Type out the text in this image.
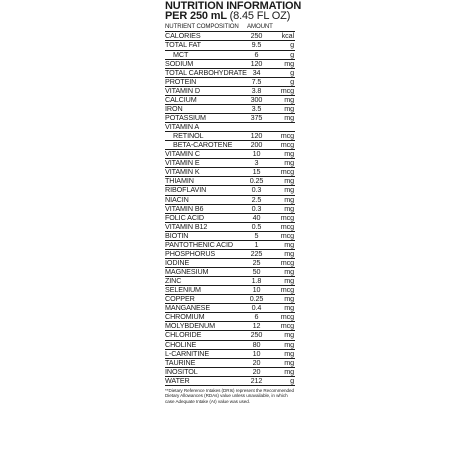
NUTRITION INFORMATION
PER 250 mL (8.45 FL OZ)
NUTRIENT COMPOSITION	AMOUNT
CALORIES	250	kcal
TOTAL FAT	9.5	g
MCT	6	g
SODIUM	120	mg
TOTAL CARBOHYDRATE 34	g
PROTEIN	7.5	g
VITAMIN D	3.8	mcg
CALCIUM	300	mg
IRON	3.5	mg
POTASSIUM	375	mg
VITAMIN A
RETINOL	120	mcg
BETA-CAROTENE	200	mcg
VITAMIN C	10	mg
VITAMIN E	3	mg
VITAMIN K	15	mcg
THIAMIN	0.25	mg
RIBOFLAVIN	0.3	mg
NIACIN	2.5	mg
VITAMIN B6	0.3	mg
FOLIC ACID	40	mcg
VITAMIN B12	0.5	mcg
BIOTIN	5	mcg
PANTOTHENIC ACID	1	mg
PHOSPHORUS	225	mg
IODINE	25	mcg
MAGNESIUM	50	mg
ZINC	1.8	mg
SELENIUM	10	mcg
COPPER	0.25	mg
MANGANESE	0.4	mg
CHROMIUM	6	mcg
MOLYBDENUM	12	mcg
CHLORIDE	250	mg
CHOLINE	80	mg
L-CARNITINE	10	mg
TAURINE	20	mg
INOSITOL	20	mg
WATER	212	g
**Dietary Reference Intakes (DRIs) represent the Recommended Dietary Allowances (RDAs) value unless unavailable, in which case Adequate Intake (AI) value was used.
